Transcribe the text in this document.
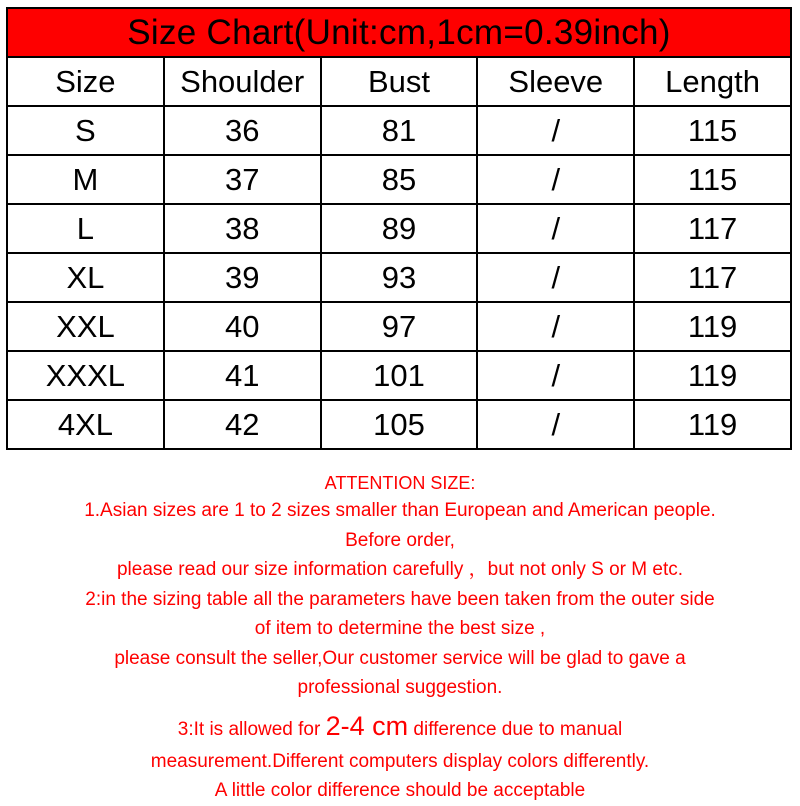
Size Chart(Unit:cm,1cm=0.39inch)
Size	Shoulder	Bust	Sleeve	Length
S	36	81	/	115
M	37	85	/	115
L	38	89	/	117
XL	39	93	/	117
XXL	40	97	/	119
XXXL	41	101	/	119
4XL	42	105	/	119
ATTENTION SIZE:
1.Asian sizes are 1 to 2 sizes smaller than European and American people.
Before order,
please read our size information carefully ，but not only S or M etc.
2:in the sizing table all the parameters have been taken from the outer side
of item to determine the best size ,
please consult the seller,Our customer service will be glad to gave a
professional suggestion.
3:It is allowed for 2-4 cm difference due to manual
measurement.Different computers display colors differently.
A little color difference should be acceptable
